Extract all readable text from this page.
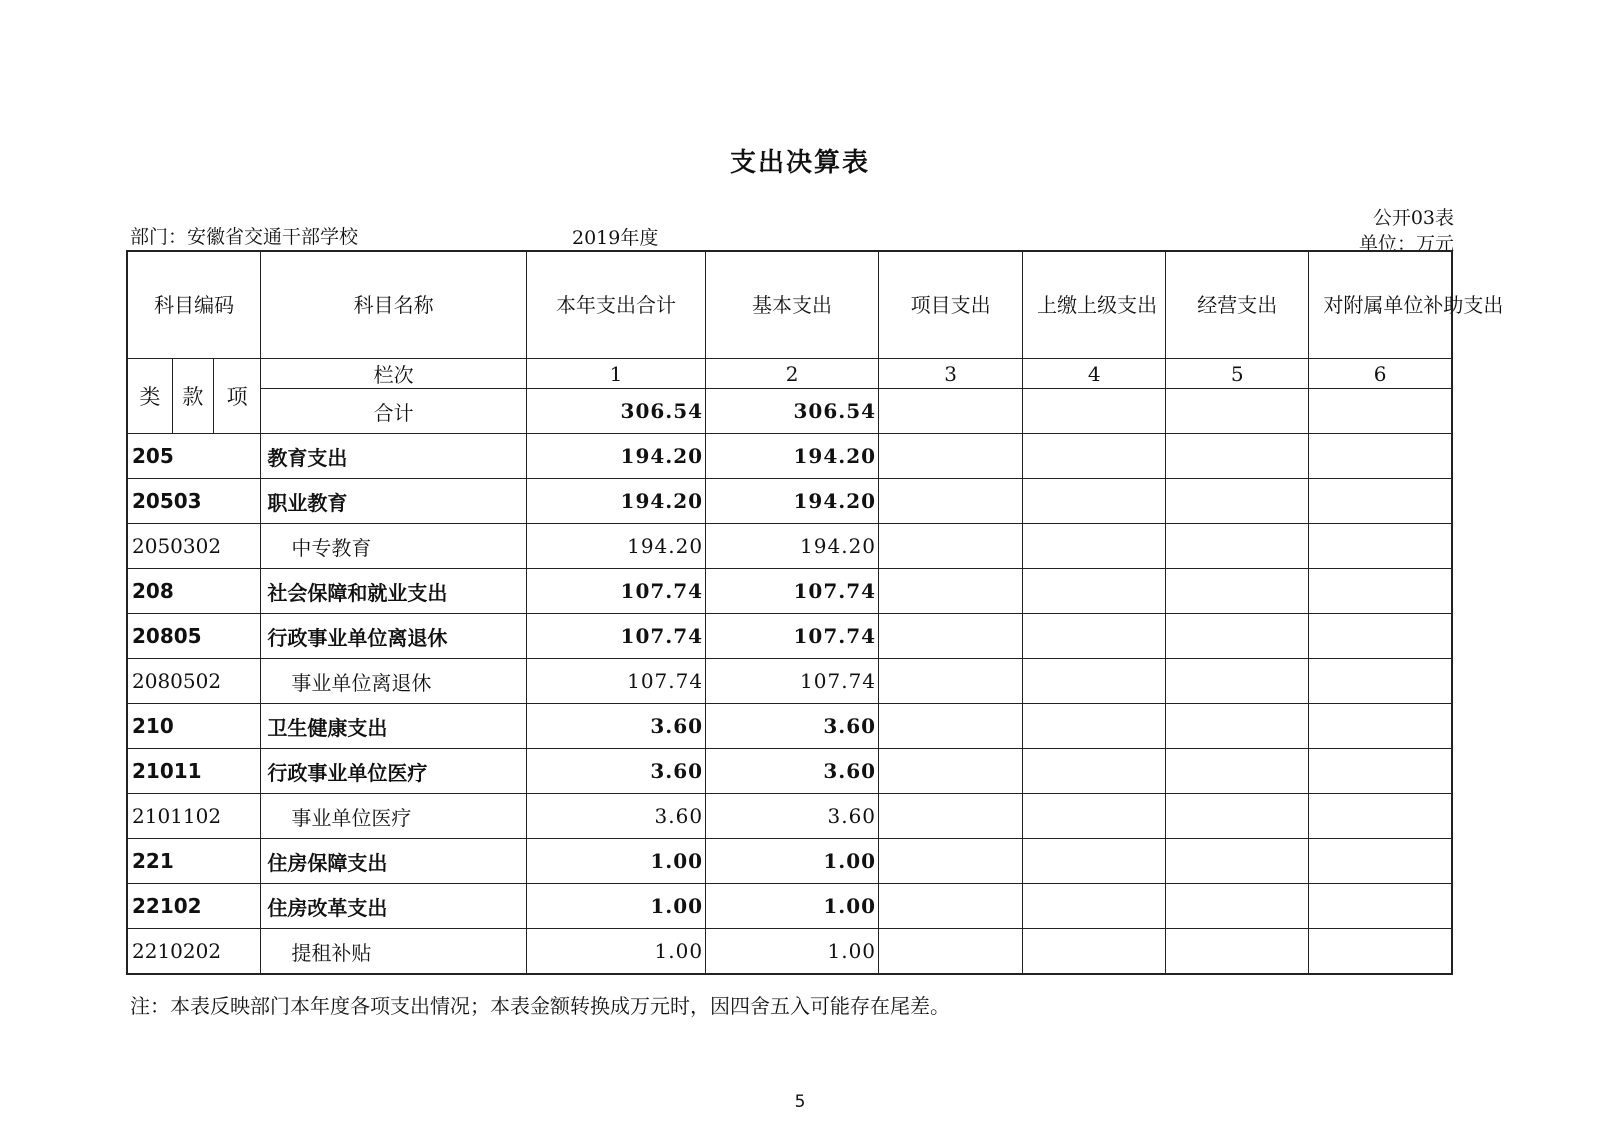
支出决算表
部门：安徽省交通干部学校	2019年度
公开03表
单位：万元
科目编码			科目名称	本年支出合计	基本支出	项目支出	上缴上级支出	经营支出	对附属单位补助支出
类	款	项	栏次	1	2	3	4	5	6
			合计	306.54	306.54				
205			教育支出	194.20	194.20				
20503			职业教育	194.20	194.20				
2050302			中专教育	194.20	194.20				
208			社会保障和就业支出	107.74	107.74				
20805			行政事业单位离退休	107.74	107.74				
2080502			事业单位离退休	107.74	107.74				
210			卫生健康支出	3.60	3.60				
21011			行政事业单位医疗	3.60	3.60				
2101102			事业单位医疗	3.60	3.60				
221			住房保障支出	1.00	1.00				
22102			住房改革支出	1.00	1.00				
2210202			提租补贴	1.00	1.00				
注：本表反映部门本年度各项支出情况；本表金额转换成万元时，因四舍五入可能存在尾差。
5
